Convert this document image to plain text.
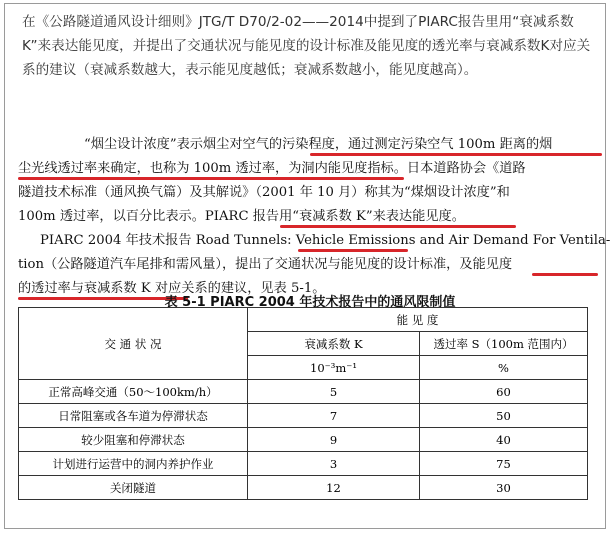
在《公路隧道通风设计细则》JTG/T D70/2-02——2014中提到了PIARC报告里用“衰减系数K”来表达能见度，并提出了交通状况与能见度的设计标准及能见度的透光率与衰减系数K对应关系的建议（衰减系数越大，表示能见度越低；衰减系数越小，能见度越高）。
“烟尘设计浓度”表示烟尘对空气的污染程度，通过测定污染空气 100m 距离的烟
尘光线透过率来确定，也称为 100m 透过率，为洞内能见度指标。日本道路协会《道路
隧道技术标准（通风换气篇）及其解说》（2001 年 10 月）称其为“煤烟设计浓度”和
100m 透过率，以百分比表示。PIARC 报告用“衰减系数 K”来表达能见度。
PIARC 2004 年技术报告 Road Tunnels: Vehicle Emissions and Air Demand For Ventila-
tion（公路隧道汽车尾排和需风量），提出了交通状况与能见度的设计标准，及能见度
的透过率与衰减系数 K 对应关系的建议，见表 5-1。
表 5-1 PIARC 2004 年技术报告中的通风限制值
交 通 状 况	能 见 度	
	衰减系数 K	透过率 S（100m 范围内）
	10⁻³m⁻¹	%
正常高峰交通（50～100km/h）	5	60
日常阻塞或各车道为停滞状态	7	50
较少阻塞和停滞状态	9	40
计划进行运营中的洞内养护作业	3	75
关闭隧道	12	30
